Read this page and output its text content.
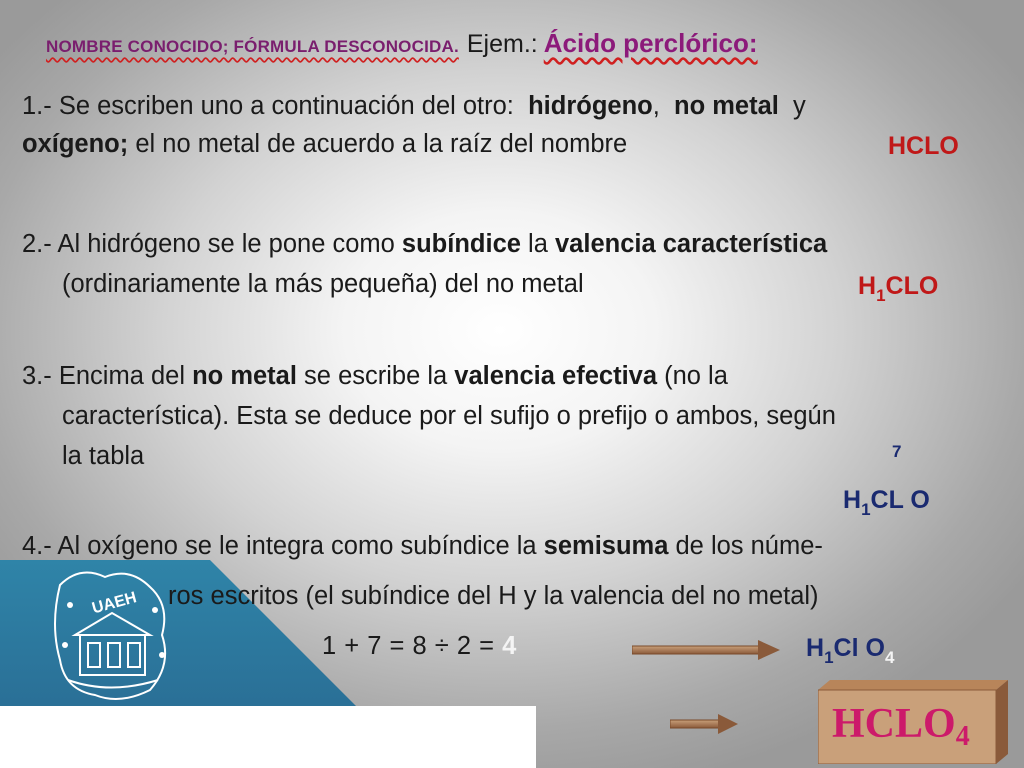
NOMBRE CONOCIDO; FÓRMULA DESCONOCIDA. Ejem.: Ácido perclórico:
1.- Se escriben uno a continuación del otro: hidrógeno, no metal y
oxígeno; el no metal de acuerdo a la raíz del nombre	HCLO
2.- Al hidrógeno se le pone como subíndice la valencia característica
(ordinariamente la más pequeña) del no metal	$H_1CLO$
3.- Encima del no metal se escribe la valencia efectiva (no la
característica). Esta se deduce por el sufijo o prefijo o ambos, según
la tabla	7
$H_1CL$ O
4.- Al oxígeno se le integra como subíndice la semisuma de los núme-
UAEH ros escritos (el subíndice del H y la valencia del no metal)
1 + 7 = 8 ÷ 2 = 4	$H_1Cl$ $O_4$
HCLO4
